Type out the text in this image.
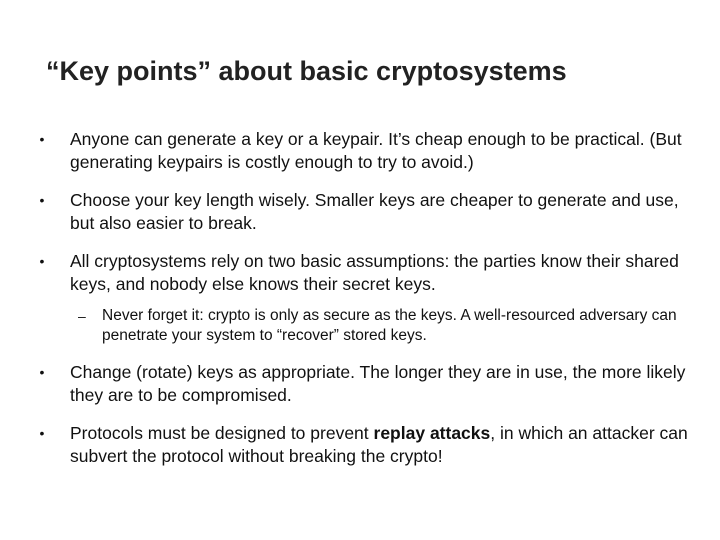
“Key points” about basic cryptosystems
•	Anyone can generate a key or a keypair. It’s cheap enough to be practical. (But generating keypairs is costly enough to try to avoid.)
•	Choose your key length wisely. Smaller keys are cheaper to generate and use, but also easier to break.
•	All cryptosystems rely on two basic assumptions: the parties know their shared keys, and nobody else knows their secret keys.
– Never forget it: crypto is only as secure as the keys. A well-resourced adversary can penetrate your system to “recover” stored keys.
•	Change (rotate) keys as appropriate. The longer they are in use, the more likely they are to be compromised.
•	Protocols must be designed to prevent replay attacks, in which an attacker can subvert the protocol without breaking the crypto!
